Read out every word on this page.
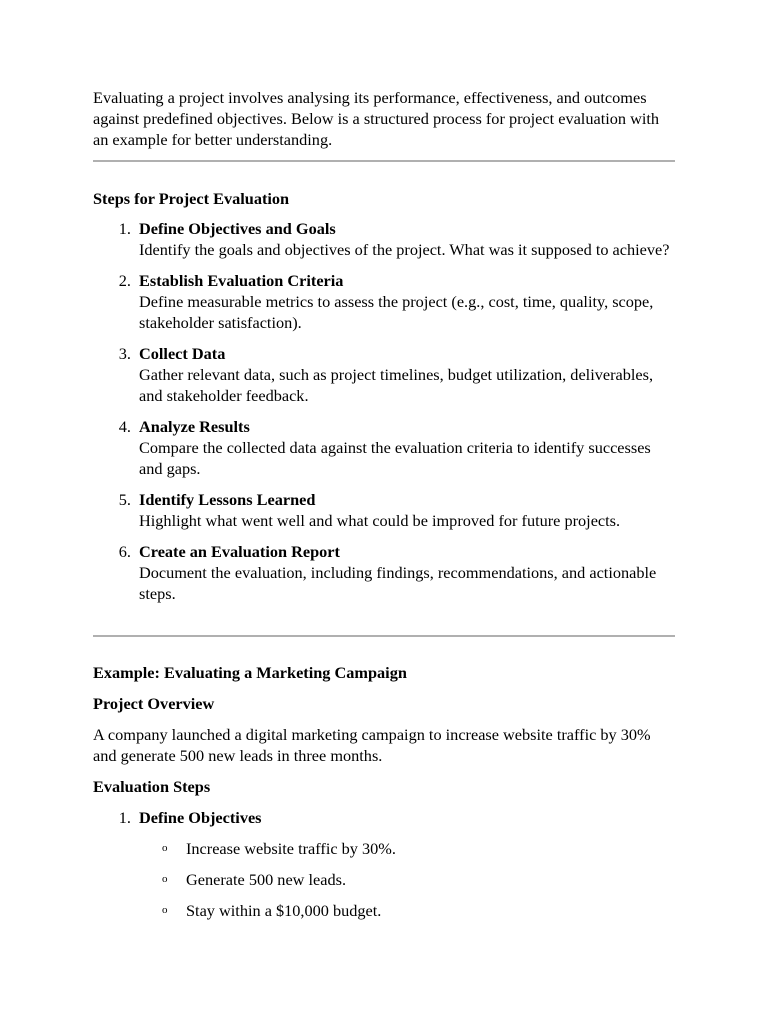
Evaluating a project involves analysing its performance, effectiveness, and outcomes against predefined objectives. Below is a structured process for project evaluation with an example for better understanding.

Steps for Project Evaluation
1. Define Objectives and Goals
Identify the goals and objectives of the project. What was it supposed to achieve?
2. Establish Evaluation Criteria
Define measurable metrics to assess the project (e.g., cost, time, quality, scope, stakeholder satisfaction).
3. Collect Data
Gather relevant data, such as project timelines, budget utilization, deliverables, and stakeholder feedback.
4. Analyze Results
Compare the collected data against the evaluation criteria to identify successes and gaps.
5. Identify Lessons Learned
Highlight what went well and what could be improved for future projects.
6. Create an Evaluation Report
Document the evaluation, including findings, recommendations, and actionable steps.
Example: Evaluating a Marketing Campaign
Project Overview

A company launched a digital marketing campaign to increase website traffic by 30% and generate 500 new leads in three months.

Evaluation Steps
1. Define Objectives
o Increase website traffic by 30%.
o Generate 500 new leads.
o Stay within a $10,000 budget.
